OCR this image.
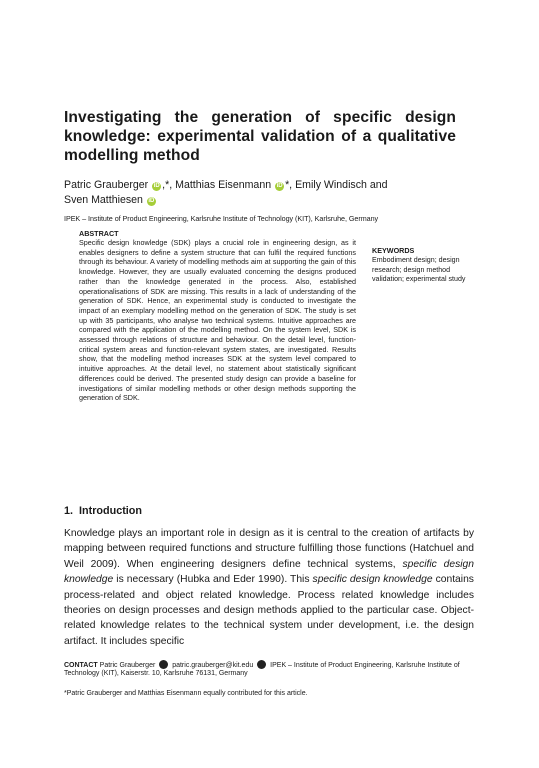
Investigating the generation of specific design knowledge: experimental validation of a qualitative modelling method
Patric Grauberger iD ,*, Matthias Eisenmann iD *, Emily Windisch and
Sven Matthiesen iD
IPEK – Institute of Product Engineering, Karlsruhe Institute of Technology (KIT), Karlsruhe, Germany
ABSTRACT
Specific design knowledge (SDK) plays a crucial role in engineering design, as it enables designers to define a system structure that can fulfil the required functions through its behaviour. A variety of modelling methods aim at supporting the gain of this knowledge. However, they are usually evaluated concerning the designs produced rather than the knowledge generated in the process. Also, established operationalisations of SDK are missing. This results in a lack of understanding of the generation of SDK. Hence, an experimental study is conducted to investigate the impact of an exemplary modelling method on the generation of SDK. The study is set up with 35 participants, who analyse two technical systems. Intuitive approaches are compared with the application of the modelling method. On the system level, SDK is assessed through relations of structure and behaviour. On the detail level, function-critical system areas and function-relevant system states, are investigated. Results show, that the modelling method increases SDK at the system level compared to intuitive approaches. At the detail level, no statement about statistically significant differences could be derived. The presented study design can provide a baseline for investigations of similar modelling methods or other design methods supporting the generation of SDK.
KEYWORDS
Embodiment design; design research; design method validation; experimental study
1. Introduction
Knowledge plays an important role in design as it is central to the creation of artifacts by mapping between required functions and structure fulfilling those functions (Hatchuel and Weil 2009). When engineering designers define technical systems, specific design knowledge is necessary (Hubka and Eder 1990). This specific design knowledge contains process-related and object related knowledge. Process related knowledge includes theories on design processes and design methods applied to the particular case. Object-related knowledge relates to the technical system under development, i.e. the design artifact. It includes specific
CONTACT Patric Grauberger patric.grauberger@kit.edu IPEK – Institute of Product Engineering, Karlsruhe Institute of Technology (KIT), Kaiserstr. 10, Karlsruhe 76131, Germany
*Patric Grauberger and Matthias Eisenmann equally contributed for this article.
